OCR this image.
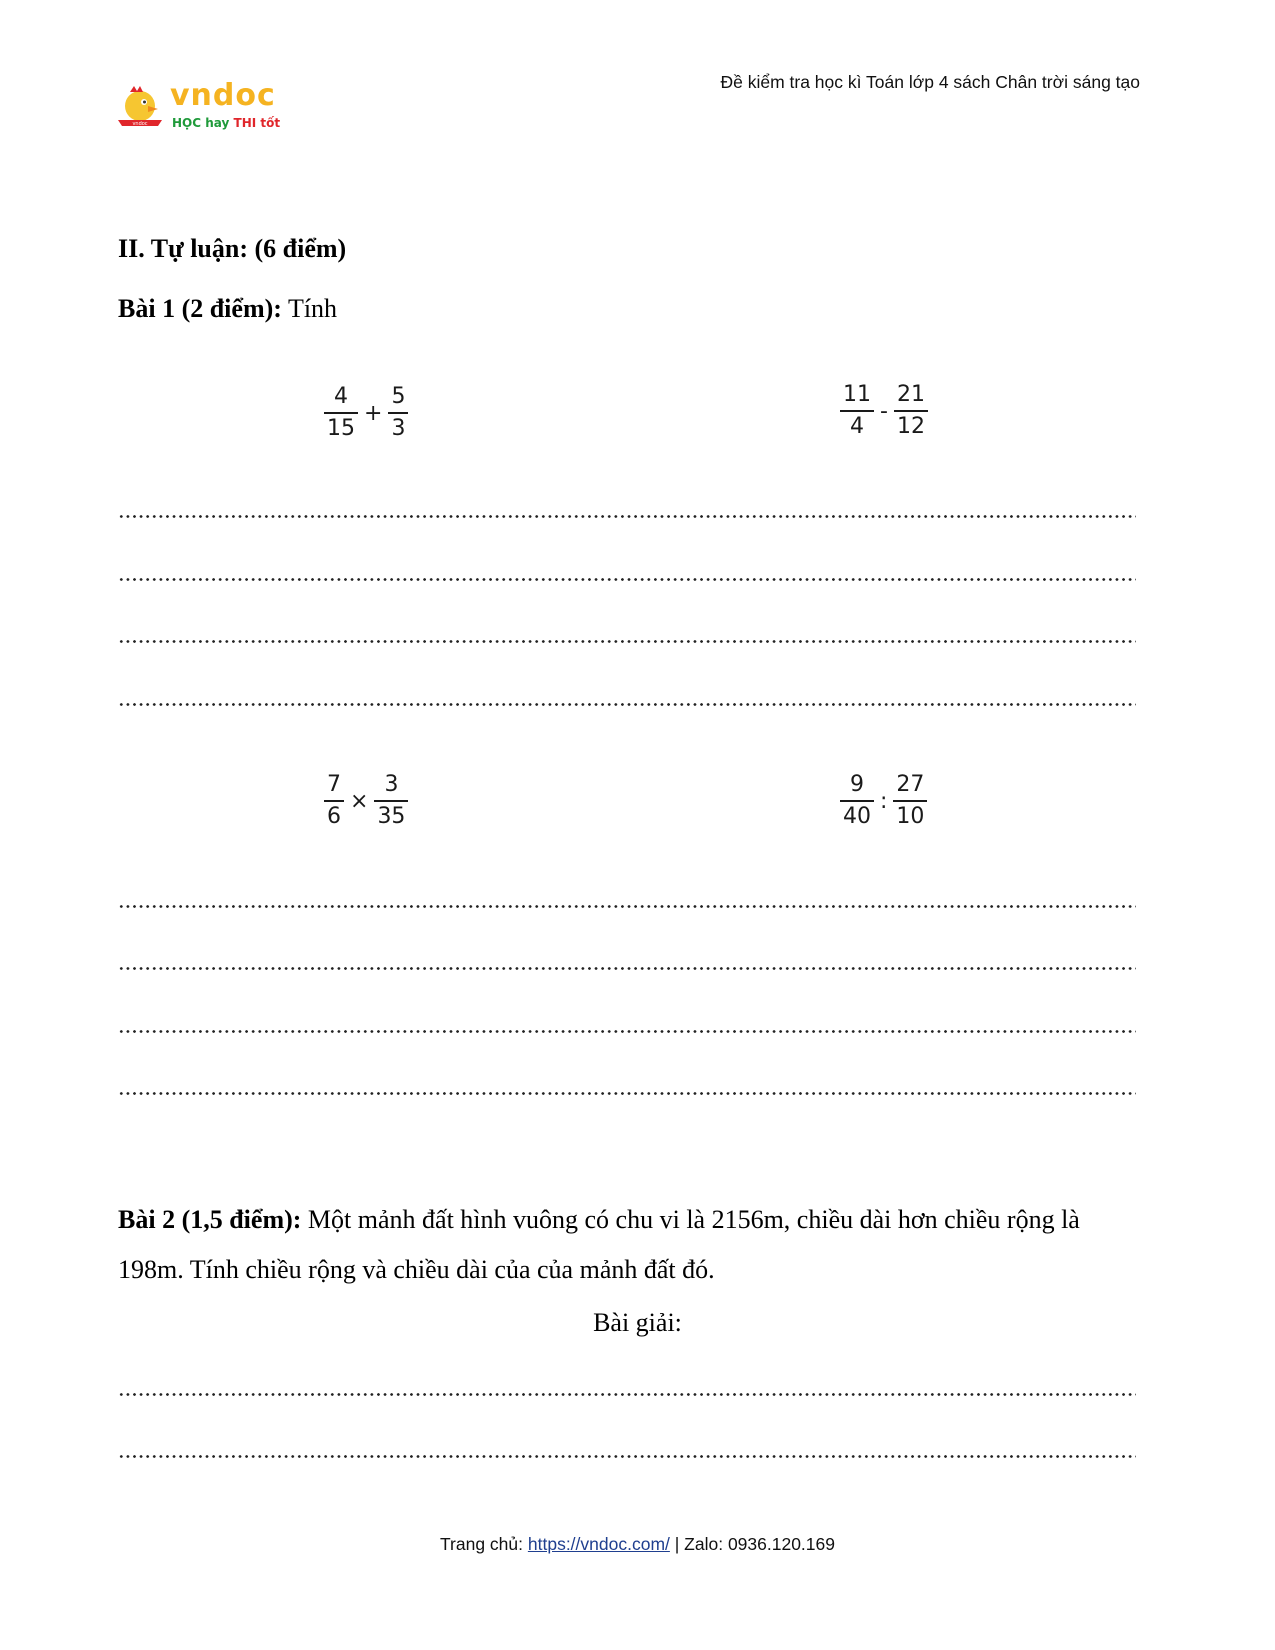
vndoc
vndoc
HỌC hay THI tốt
Đề kiểm tra học kì Toán lớp 4 sách Chân trời sáng tạo
II. Tự luận: (6 điểm)
Bài 1 (2 điểm): Tính
$\frac{4}{15} + \frac{5}{3}$	$\frac{11}{4} - \frac{21}{12}$
$\frac{7}{6} \times \frac{3}{35}$	$\frac{9}{40}$ : $\frac{27}{10}$
Bài 2 (1,5 điểm): Một mảnh đất hình vuông có chu vi là 2156m, chiều dài hơn chiều rộng là 198m. Tính chiều rộng và chiều dài của của mảnh đất đó.
Bài giải:
Trang chủ: https://vndoc.com/ | Zalo: 0936.120.169
